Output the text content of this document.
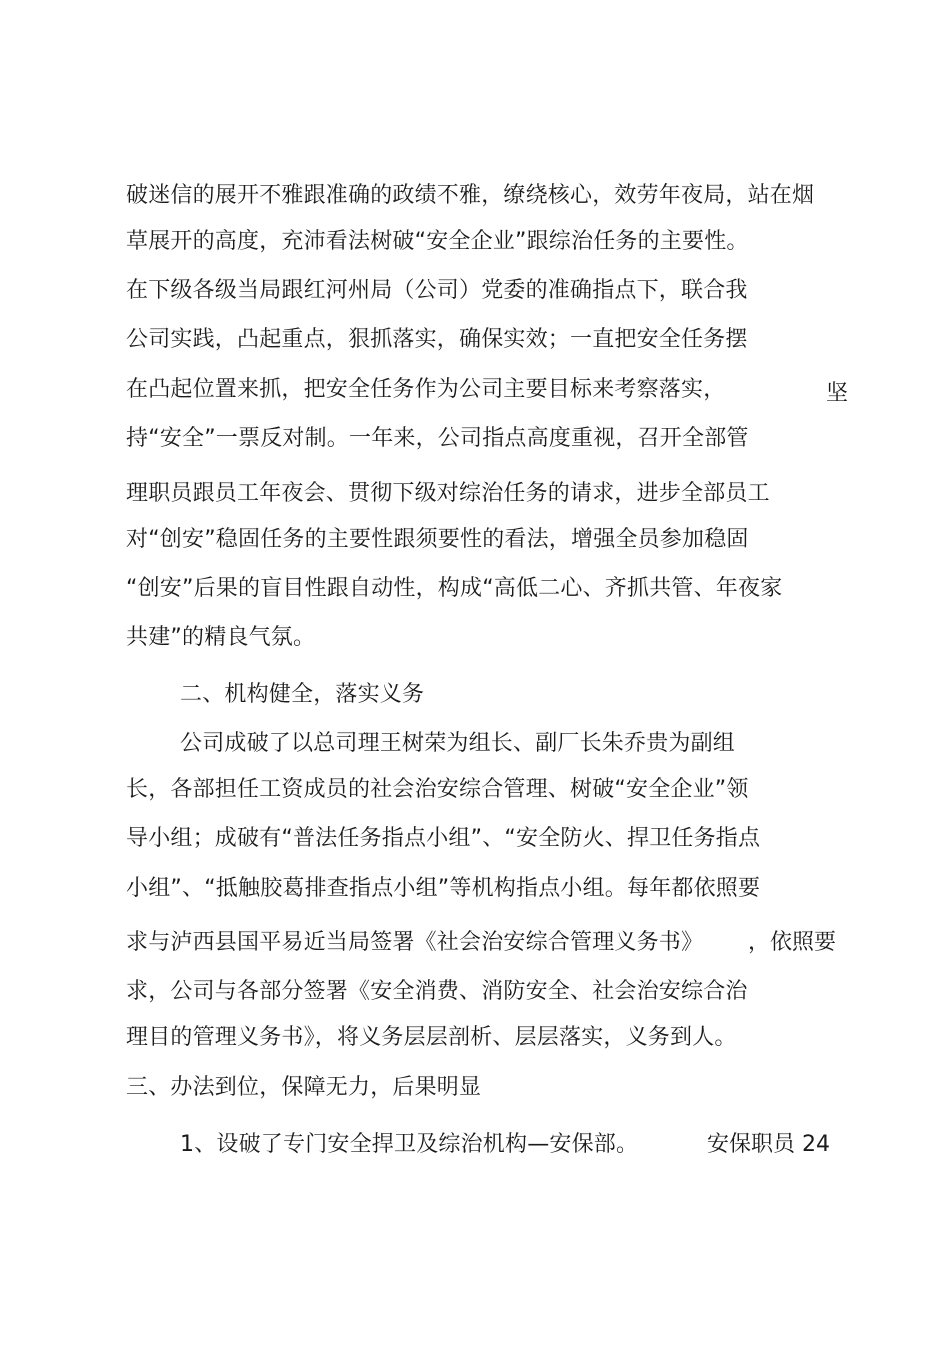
破迷信的展开不雅跟准确的政绩不雅，缭绕核心，效劳年夜局，站在烟
草展开的高度，充沛看法树破“安全企业”跟综治任务的主要性。
在下级各级当局跟红河州局（公司）党委的准确指点下，联合我
公司实践，凸起重点，狠抓落实，确保实效；一直把安全任务摆
在凸起位置来抓，把安全任务作为公司主要目标来考察落实，	坚
持“安全”一票反对制。一年来，公司指点高度重视，召开全部管
理职员跟员工年夜会、贯彻下级对综治任务的请求，进步全部员工
对“创安”稳固任务的主要性跟须要性的看法，增强全员参加稳固
“创安”后果的盲目性跟自动性，构成“高低二心、齐抓共管、年夜家
共建”的精良气氛。
二、机构健全，落实义务
公司成破了以总司理王树荣为组长、副厂长朱乔贵为副组
长，各部担任工资成员的社会治安综合管理、树破“安全企业”领
导小组；成破有“普法任务指点小组”、“安全防火、捍卫任务指点
小组”、“抵触胶葛排查指点小组”等机构指点小组。每年都依照要
求与泸西县国平易近当局签署《社会治安综合管理义务书》 ，依照要
求，公司与各部分签署《安全消费、消防安全、社会治安综合治
理目的管理义务书》，将义务层层剖析、层层落实，义务到人。
三、办法到位，保障无力，后果明显
1、设破了专门安全捍卫及综治机构—安保部。	安保职员 24
